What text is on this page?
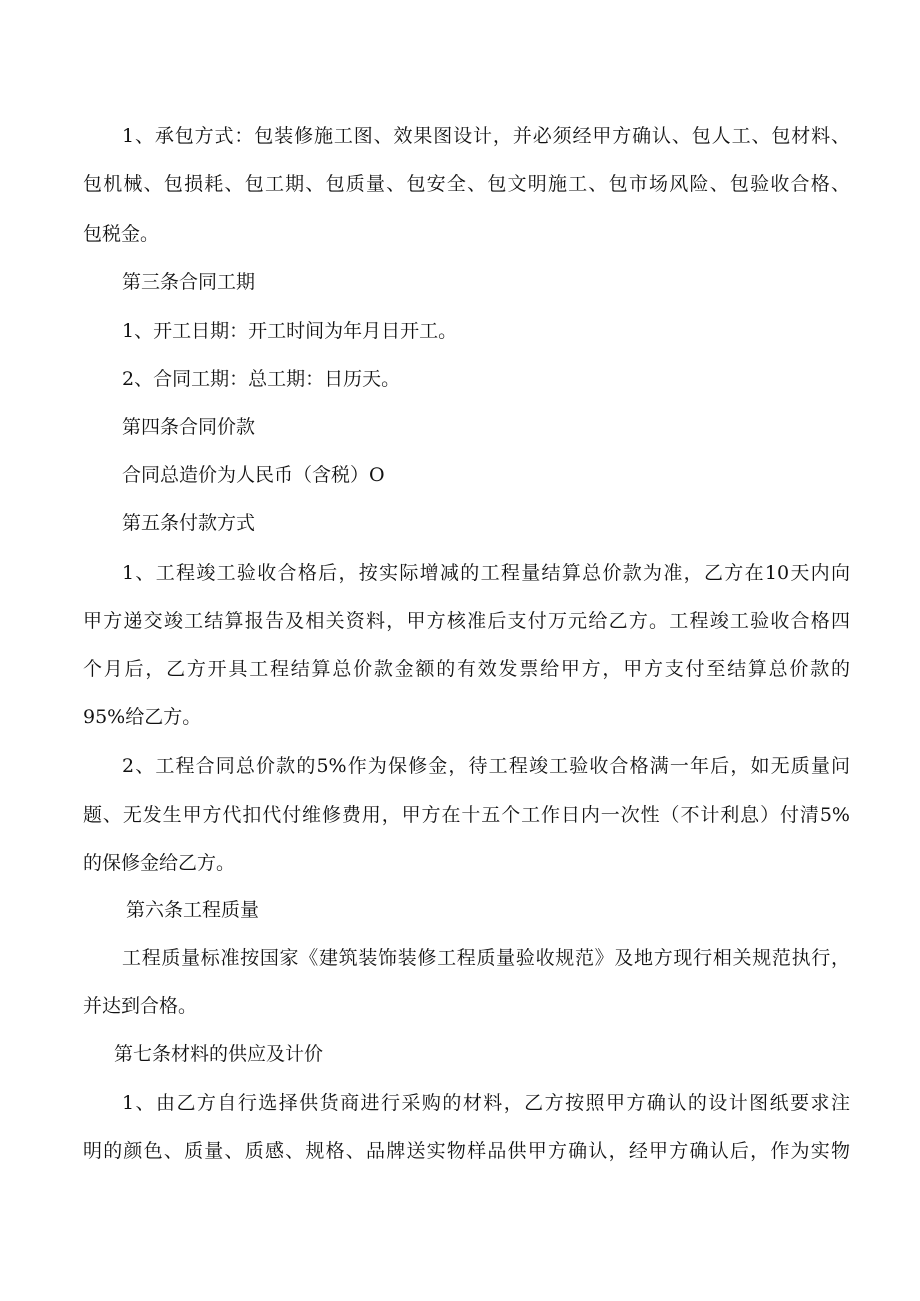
1、承包方式：包装修施工图、效果图设计，并必须经甲方确认、包人工、包材料、

包机械、包损耗、包工期、包质量、包安全、包文明施工、包市场风险、包验收合格、

包税金。

第三条合同工期

1、开工日期：开工时间为年月日开工。

2、合同工期：总工期：日历天。

第四条合同价款

合同总造价为人民币（含税）O

第五条付款方式

1、工程竣工验收合格后，按实际增减的工程量结算总价款为准，乙方在10天内向

甲方递交竣工结算报告及相关资料，甲方核准后支付万元给乙方。工程竣工验收合格四

个月后，乙方开具工程结算总价款金额的有效发票给甲方，甲方支付至结算总价款的

95%给乙方。

2、工程合同总价款的5%作为保修金，待工程竣工验收合格满一年后，如无质量问

题、无发生甲方代扣代付维修费用，甲方在十五个工作日内一次性（不计利息）付清5%

的保修金给乙方。

第六条工程质量

工程质量标准按国家《建筑装饰装修工程质量验收规范》及地方现行相关规范执行，

并达到合格。

第七条材料的供应及计价

1、由乙方自行选择供货商进行采购的材料，乙方按照甲方确认的设计图纸要求注

明的颜色、质量、质感、规格、品牌送实物样品供甲方确认，经甲方确认后，作为实物
